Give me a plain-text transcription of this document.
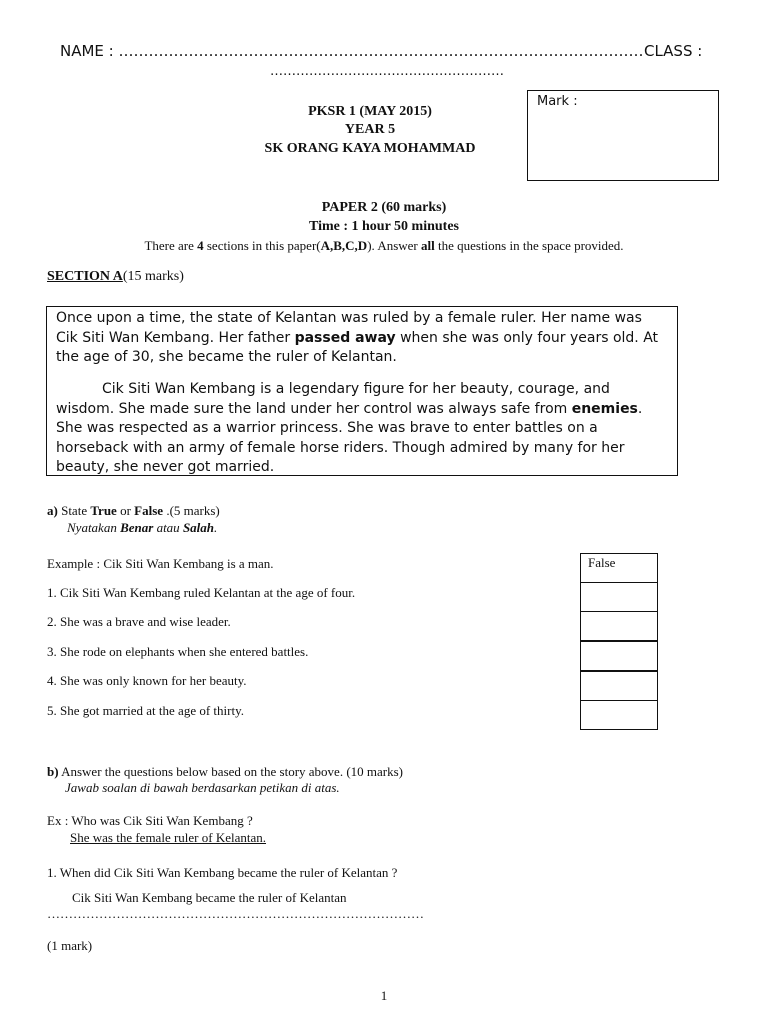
NAME : …………………………………………………………………………………………… CLASS :
………………………………………………
Mark :
PKSR 1 (MAY 2015)
YEAR 5
SK ORANG KAYA MOHAMMAD
PAPER 2 (60 marks)
Time : 1 hour 50 minutes
There are 4 sections in this paper(A,B,C,D). Answer all the questions in the space provided.
SECTION A(15 marks)

Once upon a time, the state of Kelantan was ruled by a female ruler. Her name was Cik Siti Wan Kembang. Her father passed away when she was only four years old. At the age of 30, she became the ruler of Kelantan.

Cik Siti Wan Kembang is a legendary figure for her beauty, courage, and wisdom. She made sure the land under her control was always safe from enemies. She was respected as a warrior princess. She was brave to enter battles on a horseback with an army of female horse riders. Though admired by many for her beauty, she never got married.

a) State True or False .(5 marks)
Nyatakan Benar atau Salah.
Example : Cik Siti Wan Kembang is a man.
1. Cik Siti Wan Kembang ruled Kelantan at the age of four.
2. She was a brave and wise leader.
3. She rode on elephants when she entered battles.
4. She was only known for her beauty.
5. She got married at the age of thirty.
False
b) Answer the questions below based on the story above. (10 marks)
Jawab soalan di bawah berdasarkan petikan di atas.
Ex : Who was Cik Siti Wan Kembang ?
She was the female ruler of Kelantan.
1. When did Cik Siti Wan Kembang became the ruler of Kelantan ?
Cik Siti Wan Kembang became the ruler of Kelantan
……………………………………………………………………………
(1 mark)
1
